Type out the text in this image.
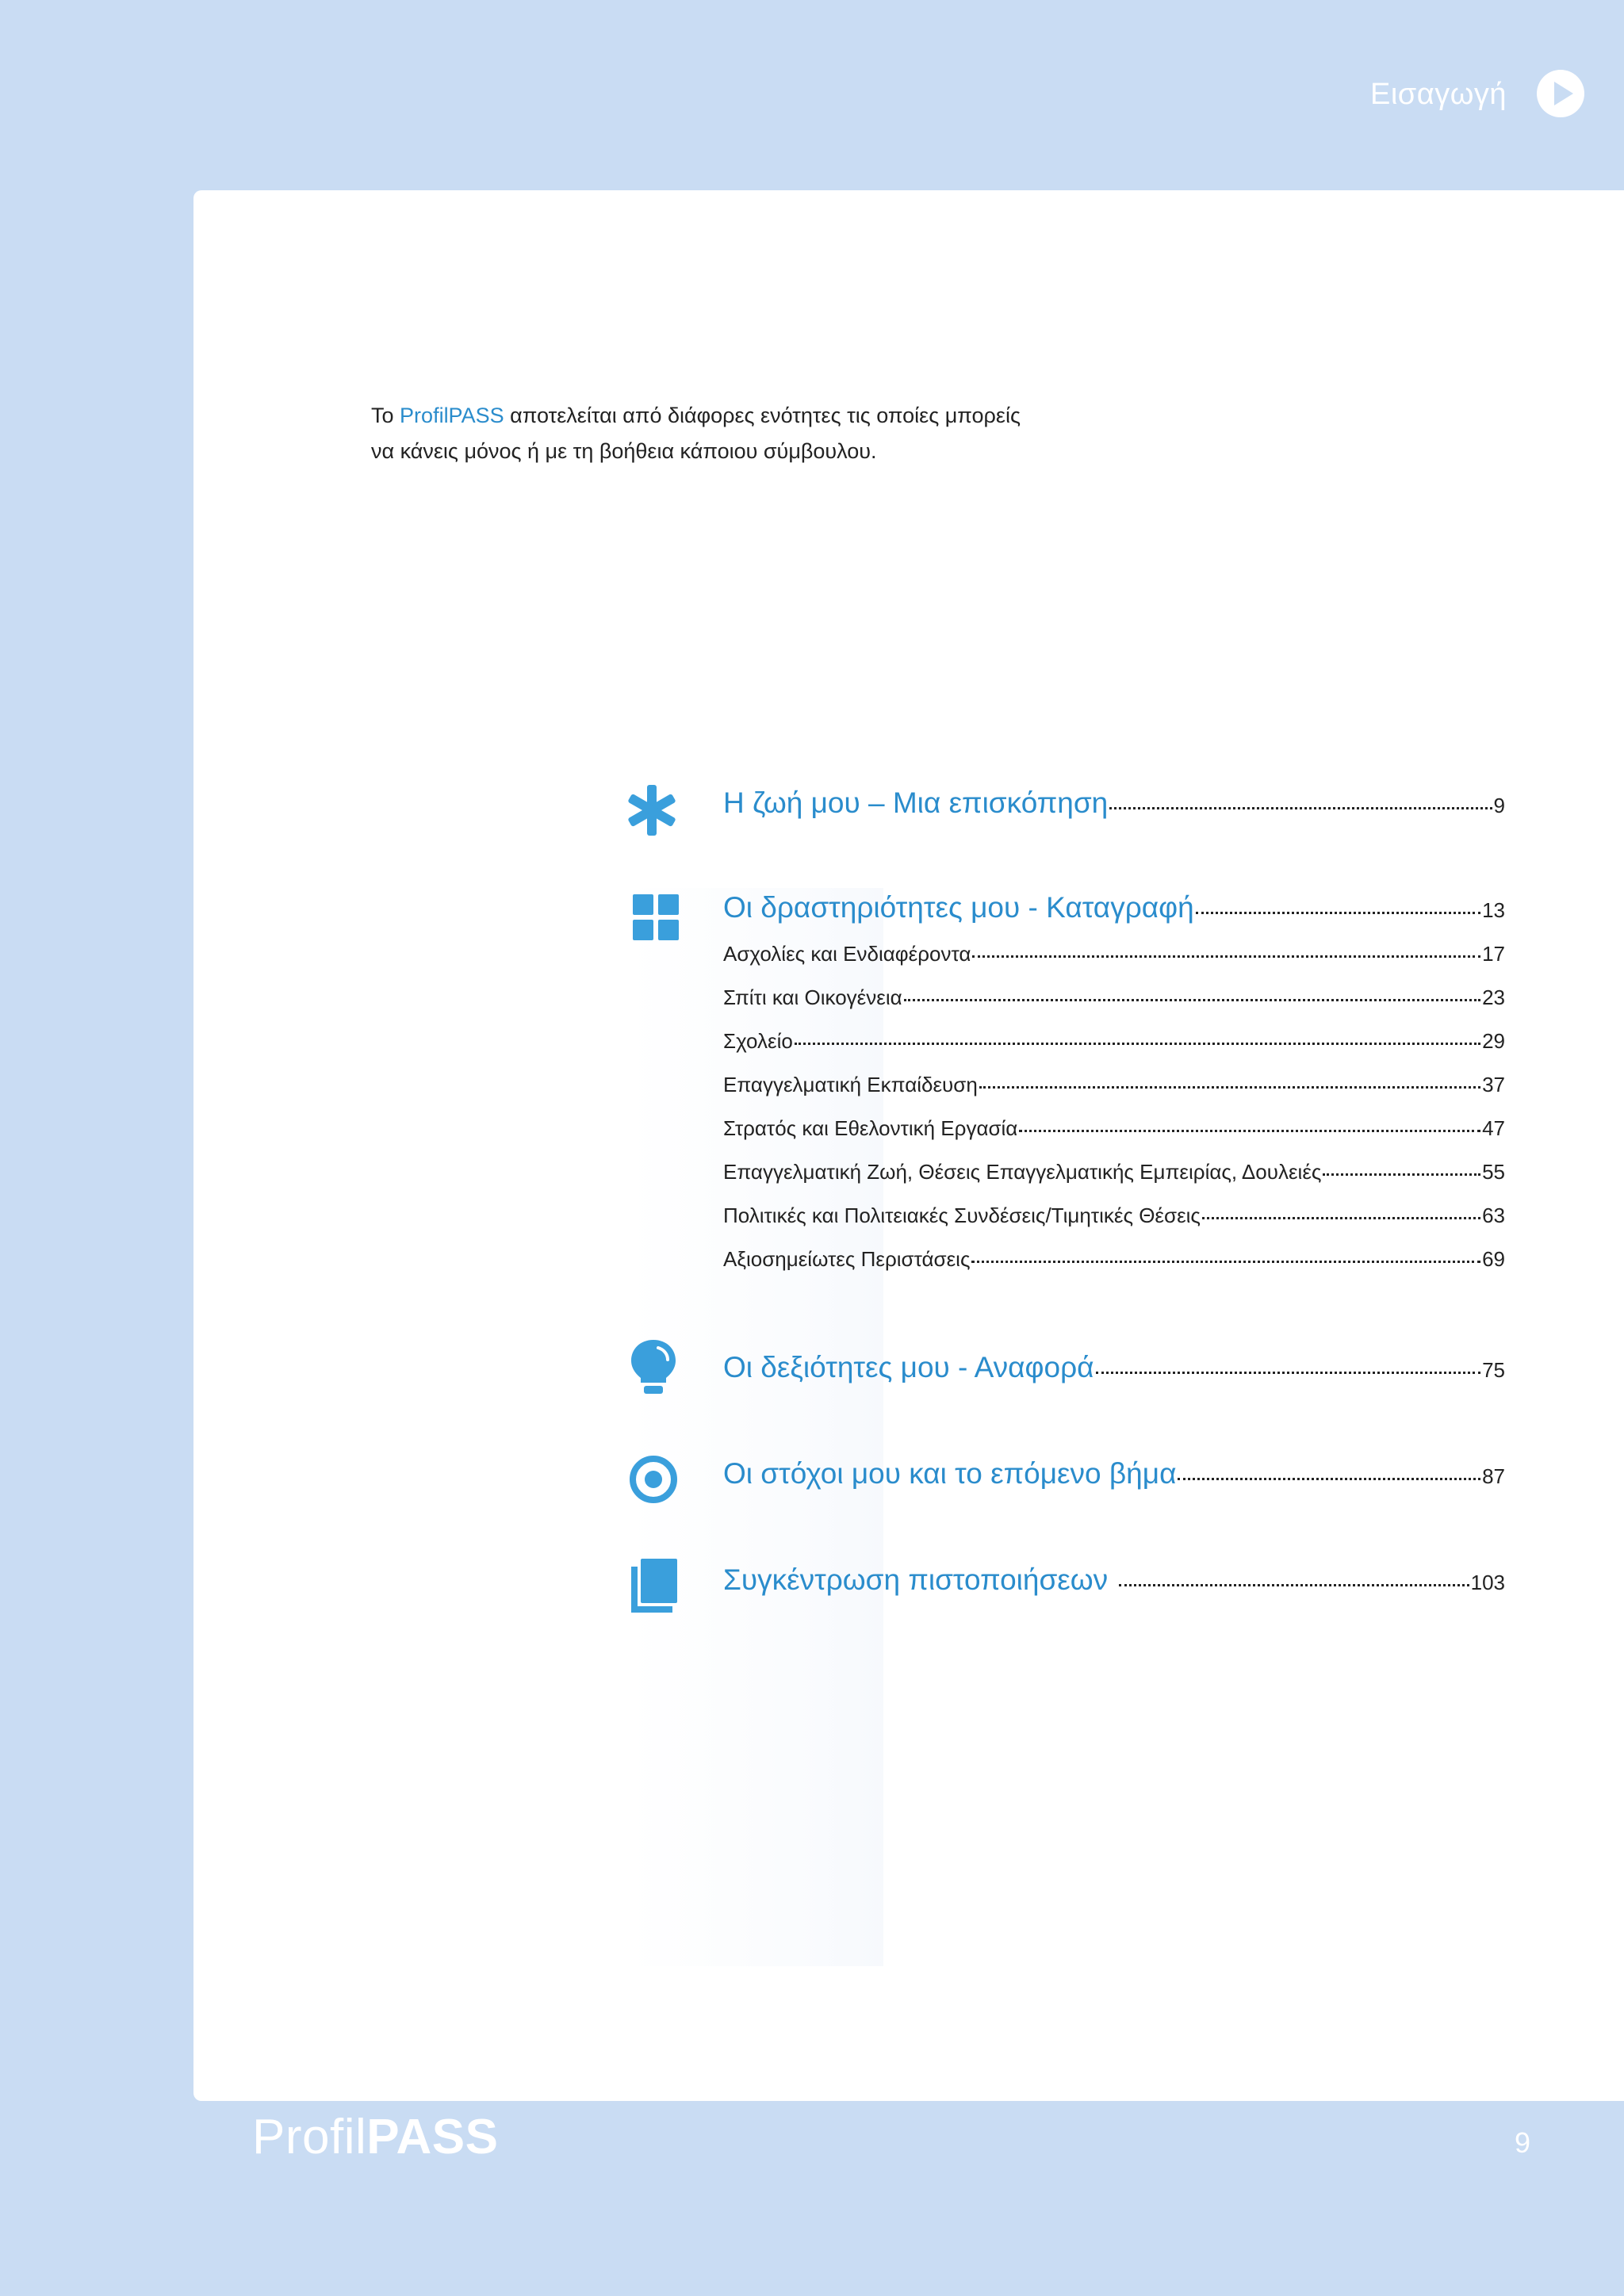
Εισαγωγή
Το ProfilPASS αποτελείται από διάφορες ενότητες τις οποίες μπορείς
να κάνεις μόνος ή με τη βοήθεια κάποιου σύμβουλου.
Η ζωή μου – Μια επισκόπηση	9
Οι δραστηριότητες μου - Καταγραφή	13
Ασχολίες και Ενδιαφέροντα	17
Σπίτι και Οικογένεια	23
Σχολείο	29
Επαγγελματική Εκπαίδευση	37
Στρατός και Εθελοντική Εργασία	47
Επαγγελματική Ζωή, Θέσεις Επαγγελματικής Εμπειρίας, Δουλειές	55
Πολιτικές και Πολιτειακές Συνδέσεις/Τιμητικές Θέσεις	63
Αξιοσημείωτες Περιστάσεις	69
Οι δεξιότητες μου - Αναφορά	75
Οι στόχοι μου και το επόμενο βήμα	87
Συγκέντρωση πιστοποιήσεων	103
ProfilPASS	9
